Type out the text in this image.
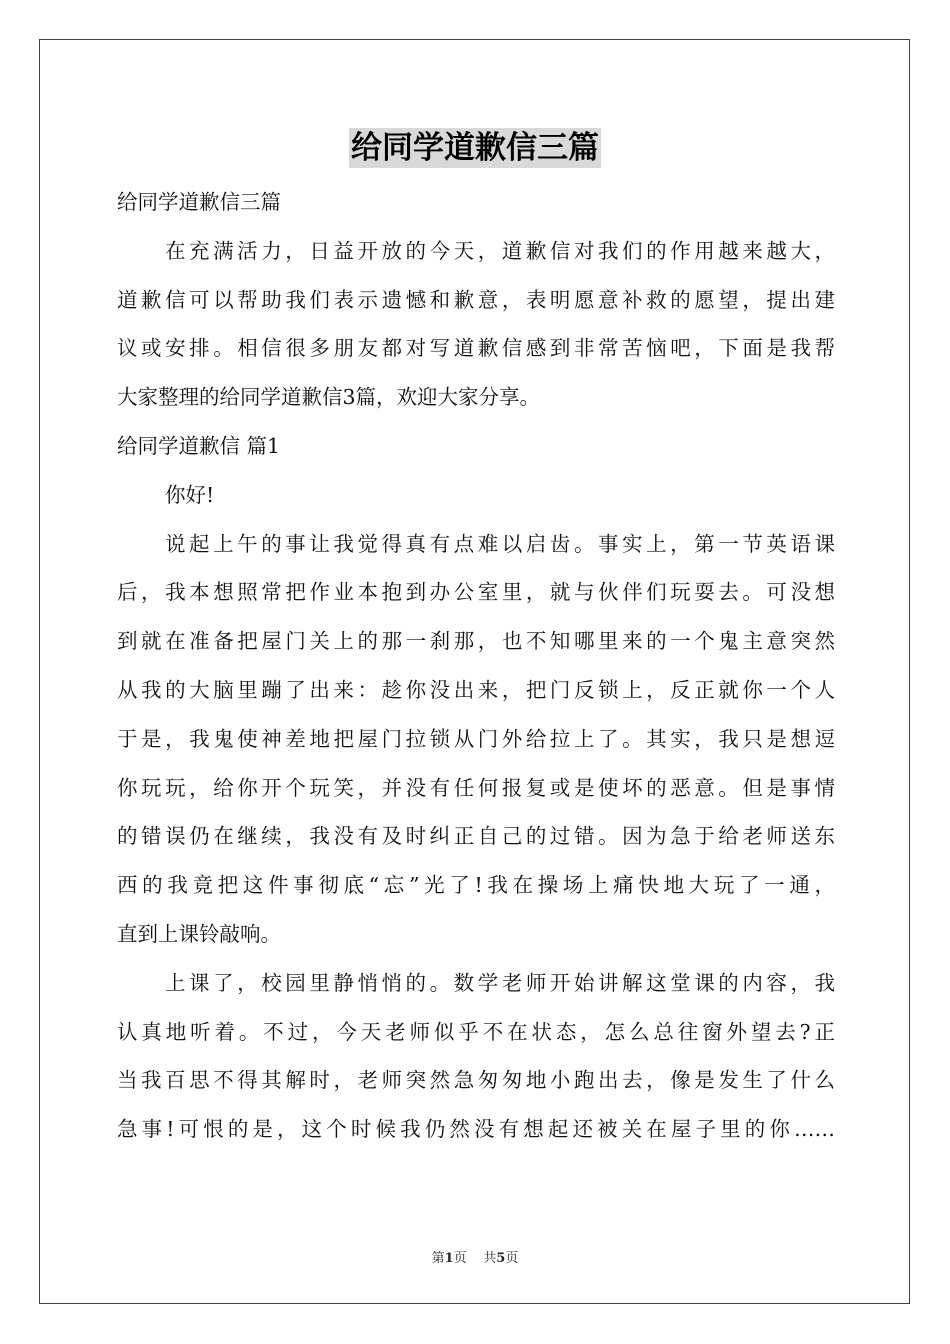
给同学道歉信三篇
给同学道歉信三篇
在充满活力，日益开放的今天，道歉信对我们的作用越来越大，
道歉信可以帮助我们表示遗憾和歉意，表明愿意补救的愿望，提出建
议或安排。相信很多朋友都对写道歉信感到非常苦恼吧，下面是我帮
大家整理的给同学道歉信3篇，欢迎大家分享。
给同学道歉信 篇1
你好!
说起上午的事让我觉得真有点难以启齿。事实上，第一节英语课
后，我本想照常把作业本抱到办公室里，就与伙伴们玩耍去。可没想
到就在准备把屋门关上的那一刹那，也不知哪里来的一个鬼主意突然
从我的大脑里蹦了出来：趁你没出来，把门反锁上，反正就你一个人
于是，我鬼使神差地把屋门拉锁从门外给拉上了。其实，我只是想逗
你玩玩，给你开个玩笑，并没有任何报复或是使坏的恶意。但是事情
的错误仍在继续，我没有及时纠正自己的过错。因为急于给老师送东
西的我竟把这件事彻底“忘”光了!我在操场上痛快地大玩了一通，
直到上课铃敲响。
上课了，校园里静悄悄的。数学老师开始讲解这堂课的内容，我
认真地听着。不过，今天老师似乎不在状态，怎么总往窗外望去?正
当我百思不得其解时，老师突然急匆匆地小跑出去，像是发生了什么
急事!可恨的是，这个时候我仍然没有想起还被关在屋子里的你……
第1页 共5页
